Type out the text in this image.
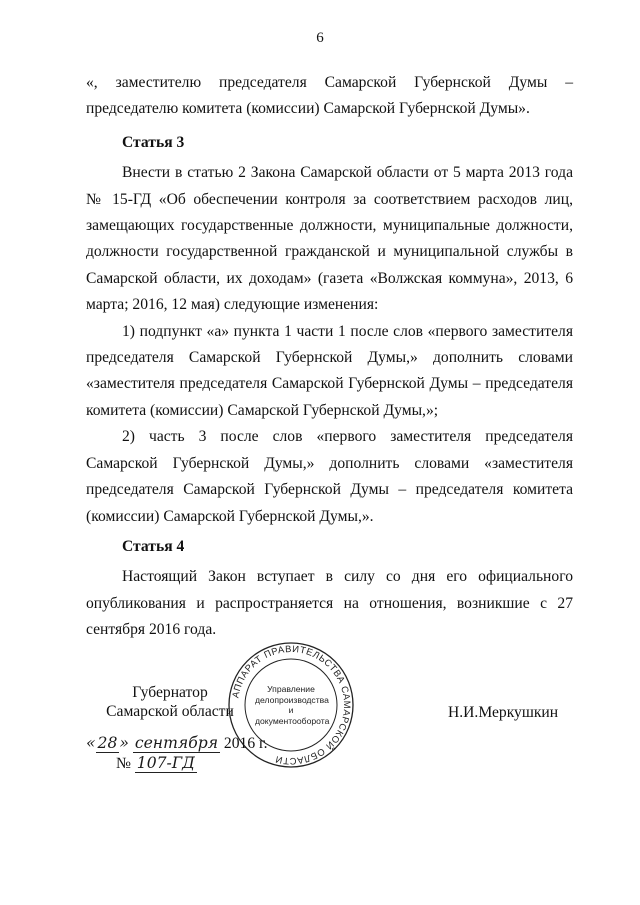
6

«, заместителю председателя Самарской Губернской Думы – председателю комитета (комиссии) Самарской Губернской Думы».

Статья 3

Внести в статью 2 Закона Самарской области от 5 марта 2013 года № 15-ГД «Об обеспечении контроля за соответствием расходов лиц, замещающих государственные должности, муниципальные должности, должности государственной гражданской и муниципальной службы в Самарской области, их доходам» (газета «Волжская коммуна», 2013, 6 марта; 2016, 12 мая) следующие изменения:

1) подпункт «а» пункта 1 части 1 после слов «первого заместителя председателя Самарской Губернской Думы,» дополнить словами «заместителя председателя Самарской Губернской Думы – председателя комитета (комиссии) Самарской Губернской Думы,»;

2) часть 3 после слов «первого заместителя председателя Самарской Губернской Думы,» дополнить словами «заместителя председателя Самарской Губернской Думы – председателя комитета (комиссии) Самарской Губернской Думы,».

Статья 4

Настоящий Закон вступает в силу со дня его официального опубликования и распространяется на отношения, возникшие с 27 сентября 2016 года.

АППАРАТ ПРАВИТЕЛЬСТВА САМАРСКОЙ ОБЛАСТИ
Управление
делопроизводства
и документооборота
Губернатор
Самарской области	Н.И.Меркушкин
« 28 » сентября 2016 г.
№ 107-ГД
